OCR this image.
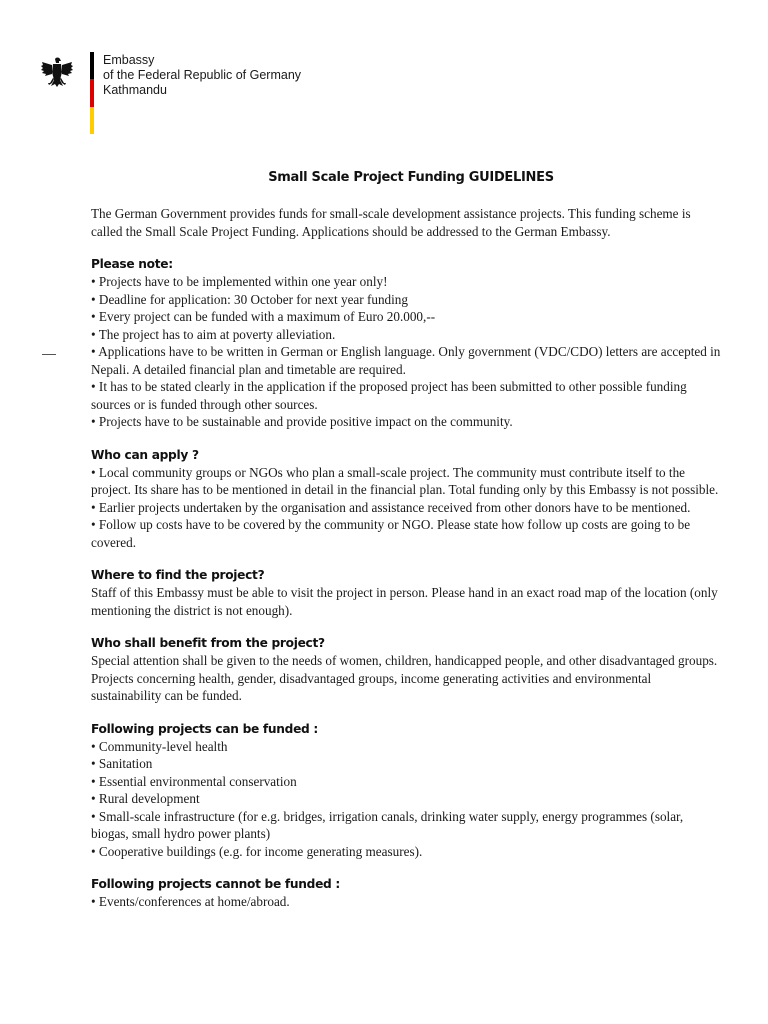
Embassy
of the Federal Republic of Germany
Kathmandu
Small Scale Project Funding GUIDELINES

The German Government provides funds for small-scale development assistance projects. This funding scheme is called the Small Scale Project Funding. Applications should be addressed to the German Embassy.

Please note:
• Projects have to be implemented within one year only!
• Deadline for application: 30 October for next year funding
• Every project can be funded with a maximum of Euro 20.000,--
• The project has to aim at poverty alleviation.
• Applications have to be written in German or English language. Only government (VDC/CDO) letters are accepted in Nepali. A detailed financial plan and timetable are required.
• It has to be stated clearly in the application if the proposed project has been submitted to other possible funding sources or is funded through other sources.
• Projects have to be sustainable and provide positive impact on the community.
Who can apply ?
• Local community groups or NGOs who plan a small-scale project. The community must contribute itself to the project. Its share has to be mentioned in detail in the financial plan. Total funding only by this Embassy is not possible.
• Earlier projects undertaken by the organisation and assistance received from other donors have to be mentioned.
• Follow up costs have to be covered by the community or NGO. Please state how follow up costs are going to be covered.
Where to find the project?

Staff of this Embassy must be able to visit the project in person. Please hand in an exact road map of the location (only mentioning the district is not enough).

Who shall benefit from the project?

Special attention shall be given to the needs of women, children, handicapped people, and other disadvantaged groups. Projects concerning health, gender, disadvantaged groups, income generating activities and environmental sustainability can be funded.

Following projects can be funded :
• Community-level health
• Sanitation
• Essential environmental conservation
• Rural development
• Small-scale infrastructure (for e.g. bridges, irrigation canals, drinking water supply, energy programmes (solar, biogas, small hydro power plants)
• Cooperative buildings (e.g. for income generating measures).
Following projects cannot be funded :
• Events/conferences at home/abroad.
